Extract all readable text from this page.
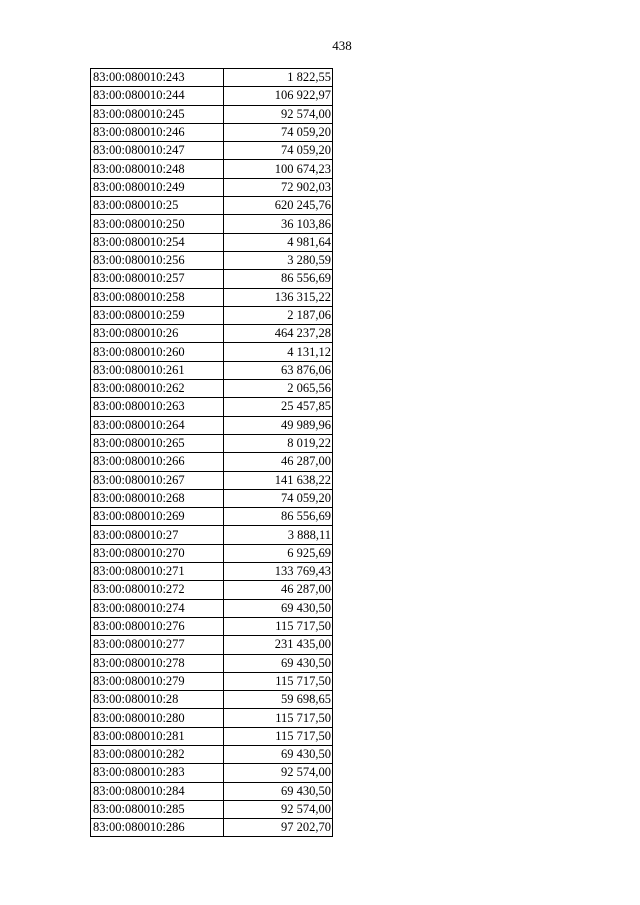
438
83:00:080010:243	1 822,55
83:00:080010:244	106 922,97
83:00:080010:245	92 574,00
83:00:080010:246	74 059,20
83:00:080010:247	74 059,20
83:00:080010:248	100 674,23
83:00:080010:249	72 902,03
83:00:080010:25	620 245,76
83:00:080010:250	36 103,86
83:00:080010:254	4 981,64
83:00:080010:256	3 280,59
83:00:080010:257	86 556,69
83:00:080010:258	136 315,22
83:00:080010:259	2 187,06
83:00:080010:26	464 237,28
83:00:080010:260	4 131,12
83:00:080010:261	63 876,06
83:00:080010:262	2 065,56
83:00:080010:263	25 457,85
83:00:080010:264	49 989,96
83:00:080010:265	8 019,22
83:00:080010:266	46 287,00
83:00:080010:267	141 638,22
83:00:080010:268	74 059,20
83:00:080010:269	86 556,69
83:00:080010:27	3 888,11
83:00:080010:270	6 925,69
83:00:080010:271	133 769,43
83:00:080010:272	46 287,00
83:00:080010:274	69 430,50
83:00:080010:276	115 717,50
83:00:080010:277	231 435,00
83:00:080010:278	69 430,50
83:00:080010:279	115 717,50
83:00:080010:28	59 698,65
83:00:080010:280	115 717,50
83:00:080010:281	115 717,50
83:00:080010:282	69 430,50
83:00:080010:283	92 574,00
83:00:080010:284	69 430,50
83:00:080010:285	92 574,00
83:00:080010:286	97 202,70
